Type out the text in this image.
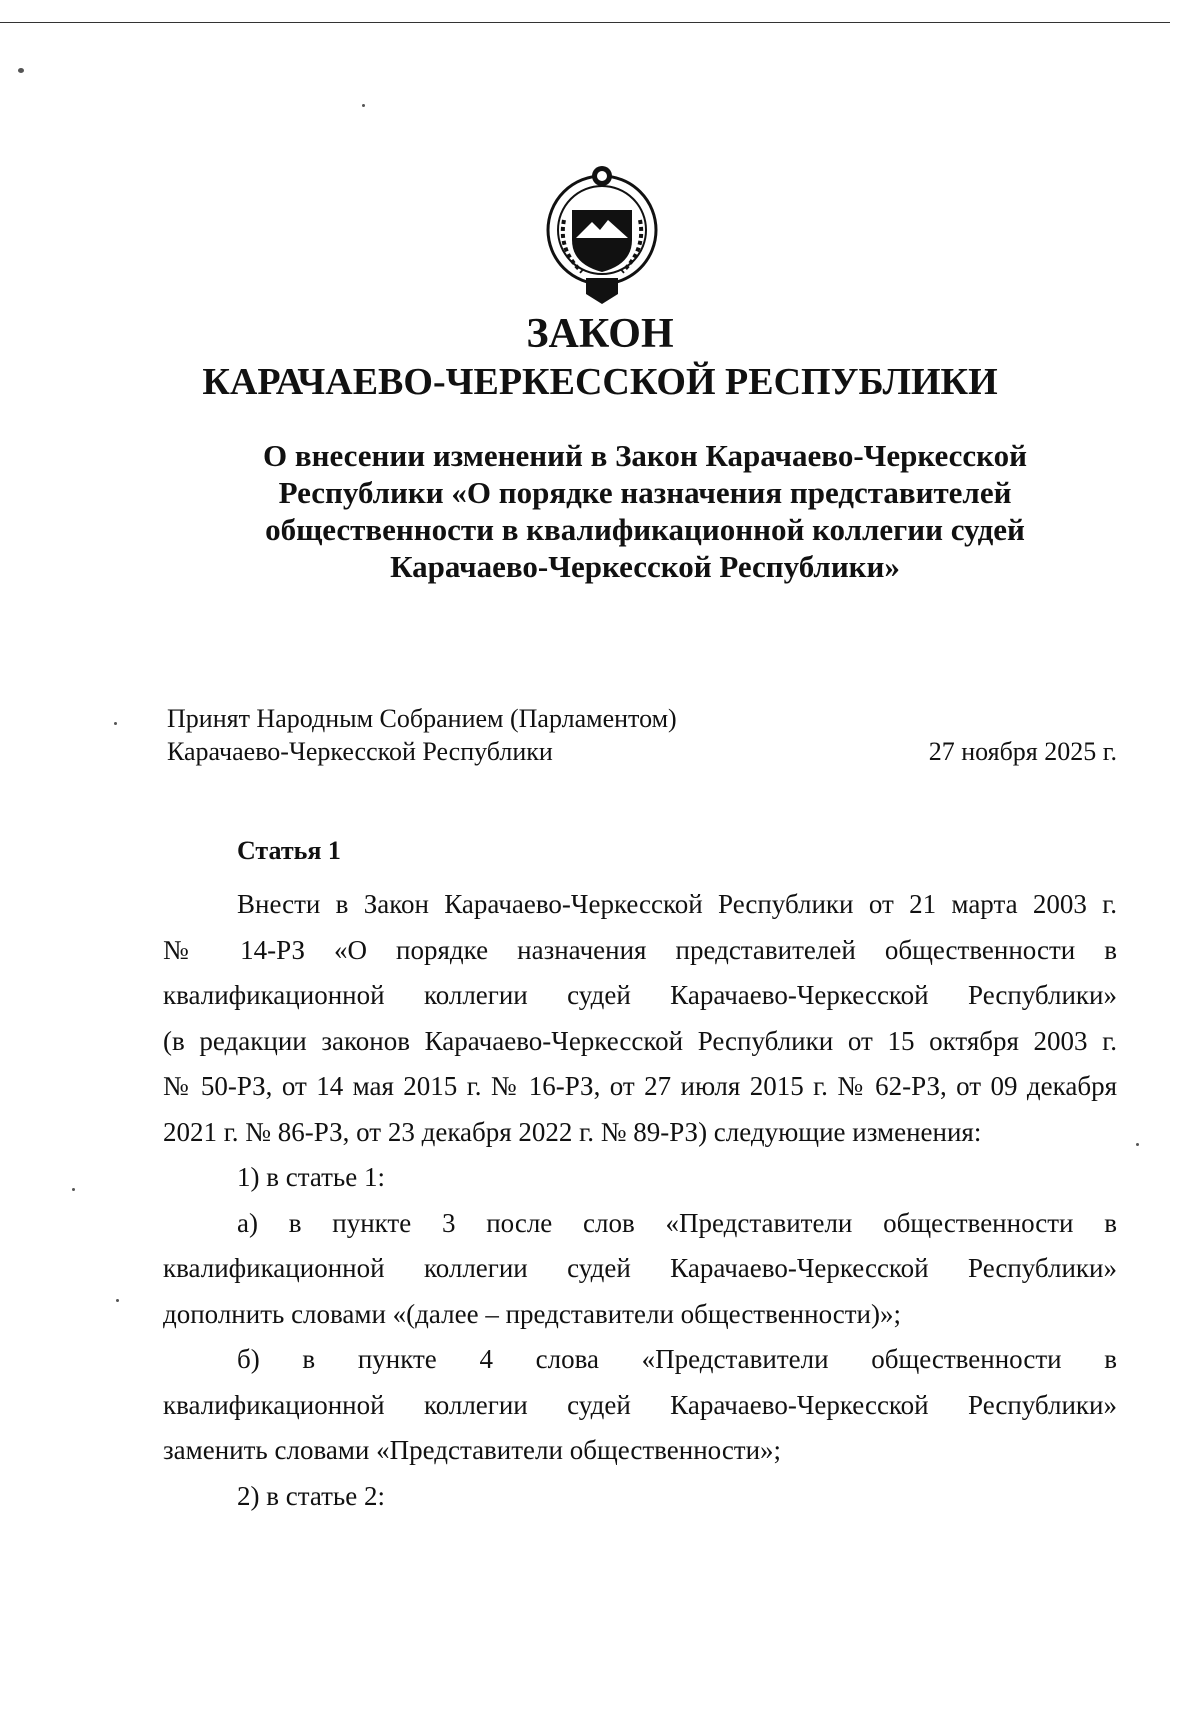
ЗАКОН
КАРАЧАЕВО-ЧЕРКЕССКОЙ РЕСПУБЛИКИ
О внесении изменений в Закон Карачаево-Черкесской
Республики «О порядке назначения представителей
общественности в квалификационной коллегии судей
Карачаево-Черкесской Республики»
Принят Народным Собранием (Парламентом)
Карачаево-Черкесской Республики	27 ноября 2025 г.
Статья 1
Внести в Закон Карачаево-Черкесской Республики от 21 марта 2003 г.
№ 14-РЗ «О порядке назначения представителей общественности в
квалификационной коллегии судей Карачаево-Черкесской Республики»
(в редакции законов Карачаево-Черкесской Республики от 15 октября 2003 г.
№ 50-РЗ, от 14 мая 2015 г. № 16-РЗ, от 27 июля 2015 г. № 62-РЗ, от 09 декабря
2021 г. № 86-РЗ, от 23 декабря 2022 г. № 89-РЗ) следующие изменения:
1) в статье 1:
а) в пункте 3 после слов «Представители общественности в
квалификационной коллегии судей Карачаево-Черкесской Республики»
дополнить словами «(далее – представители общественности)»;
б) в пункте 4 слова «Представители общественности в
квалификационной коллегии судей Карачаево-Черкесской Республики»
заменить словами «Представители общественности»;
2) в статье 2:
